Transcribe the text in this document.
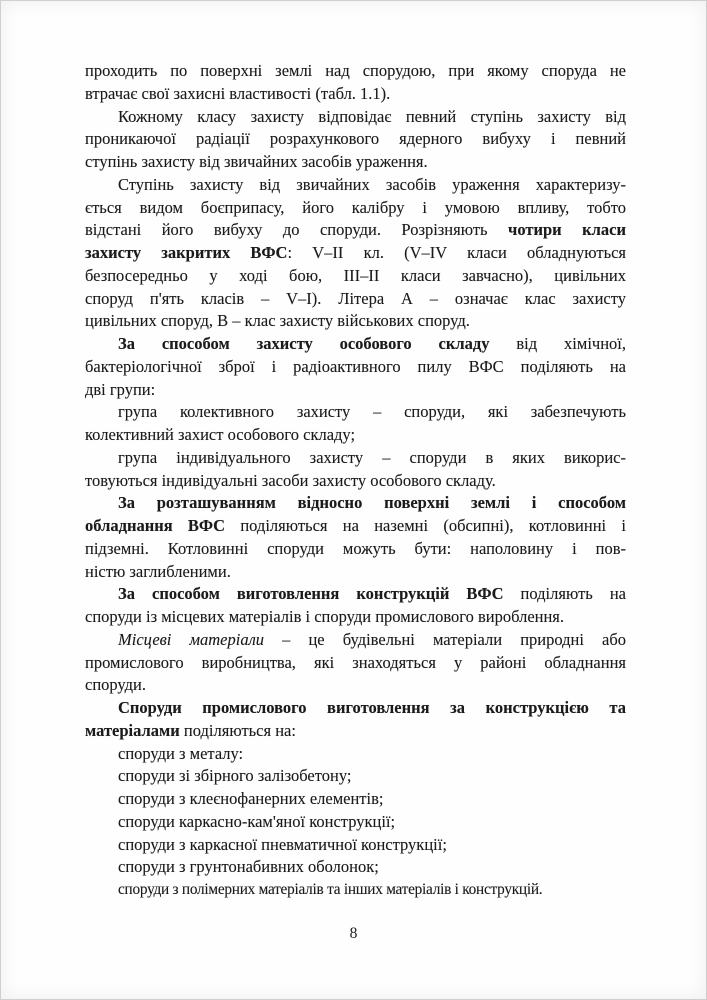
проходить по поверхні землі над спорудою, при якому споруда не
втрачає свої захисні властивості (табл. 1.1).
Кожному класу захисту відповідає певний ступінь захисту від
проникаючої радіації розрахункового ядерного вибуху і певний
ступінь захисту від звичайних засобів ураження.
Ступінь захисту від звичайних засобів ураження характеризу-
ється видом боєприпасу, його калібру і умовою впливу, тобто
відстані його вибуху до споруди. Розрізняють чотири класи
захисту закритих ВФС: V–II кл. (V–IV класи обладнуються
безпосередньо у ході бою, III–II класи завчасно), цивільних
споруд п'ять класів – V–I). Літера А – означає клас захисту
цивільних споруд, В – клас захисту військових споруд.
За способом захисту особового складу від хімічної,
бактеріологічної зброї і радіоактивного пилу ВФС поділяють на
дві групи:
група колективного захисту – споруди, які забезпечують
колективний захист особового складу;
група індивідуального захисту – споруди в яких викорис-
товуються індивідуальні засоби захисту особового складу.
За розташуванням відносно поверхні землі і способом
обладнання ВФС поділяються на наземні (обсипні), котловинні і
підземні. Котловинні споруди можуть бути: наполовину і пов-
ністю заглибленими.
За способом виготовлення конструкцій ВФС поділяють на
споруди із місцевих матеріалів і споруди промислового вироблення.
Місцеві матеріали – це будівельні матеріали природні або
промислового виробництва, які знаходяться у районі обладнання
споруди.
Споруди промислового виготовлення за конструкцією та
матеріалами поділяються на:
споруди з металу:
споруди зі збірного залізобетону;
споруди з клеєнофанерних елементів;
споруди каркасно-кам'яної конструкції;
споруди з каркасної пневматичної конструкції;
споруди з грунтонабивних оболонок;
споруди з полімерних матеріалів та інших матеріалів і конструкцій.
8
